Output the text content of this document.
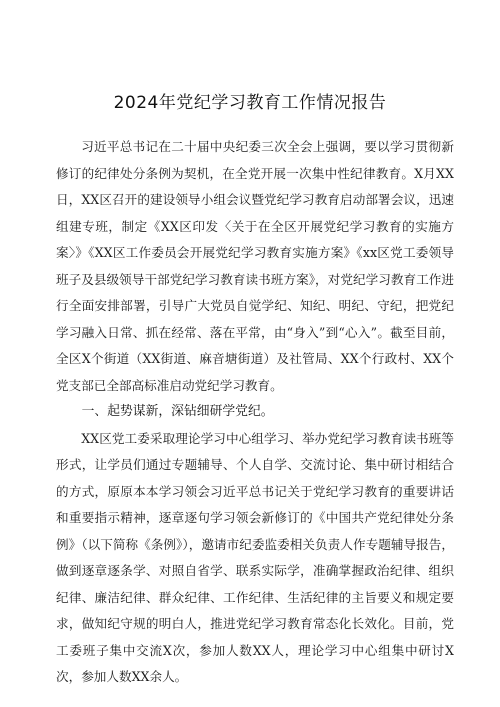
2024年党纪学习教育工作情况报告

习近平总书记在二十届中央纪委三次全会上强调，要以学习贯彻新修订的纪律处分条例为契机，在全党开展一次集中性纪律教育。X月XX日，XX区召开的建设领导小组会议暨党纪学习教育启动部署会议，迅速组建专班，制定《XX区印发〈关于在全区开展党纪学习教育的实施方案〉》《XX区工作委员会开展党纪学习教育实施方案》《xx区党工委领导班子及县级领导干部党纪学习教育读书班方案》，对党纪学习教育工作进行全面安排部署，引导广大党员自觉学纪、知纪、明纪、守纪，把党纪学习融入日常、抓在经常、落在平常，由“身入”到“心入”。截至目前，全区X个街道（XX街道、麻音塘街道）及社管局、XX个行政村、XX个党支部已全部高标准启动党纪学习教育。

一、起势谋新，深钻细研学党纪。

XX区党工委采取理论学习中心组学习、举办党纪学习教育读书班等形式，让学员们通过专题辅导、个人自学、交流讨论、集中研讨相结合的方式，原原本本学习领会习近平总书记关于党纪学习教育的重要讲话和重要指示精神，逐章逐句学习领会新修订的《中国共产党纪律处分条例》（以下简称《条例》），邀请市纪委监委相关负责人作专题辅导报告，做到逐章逐条学、对照自省学、联系实际学，准确掌握政治纪律、组织纪律、廉洁纪律、群众纪律、工作纪律、生活纪律的主旨要义和规定要求，做知纪守规的明白人，推进党纪学习教育常态化长效化。目前，党工委班子集中交流X次，参加人数XX人，理论学习中心组集中研讨X次，参加人数XX余人。
